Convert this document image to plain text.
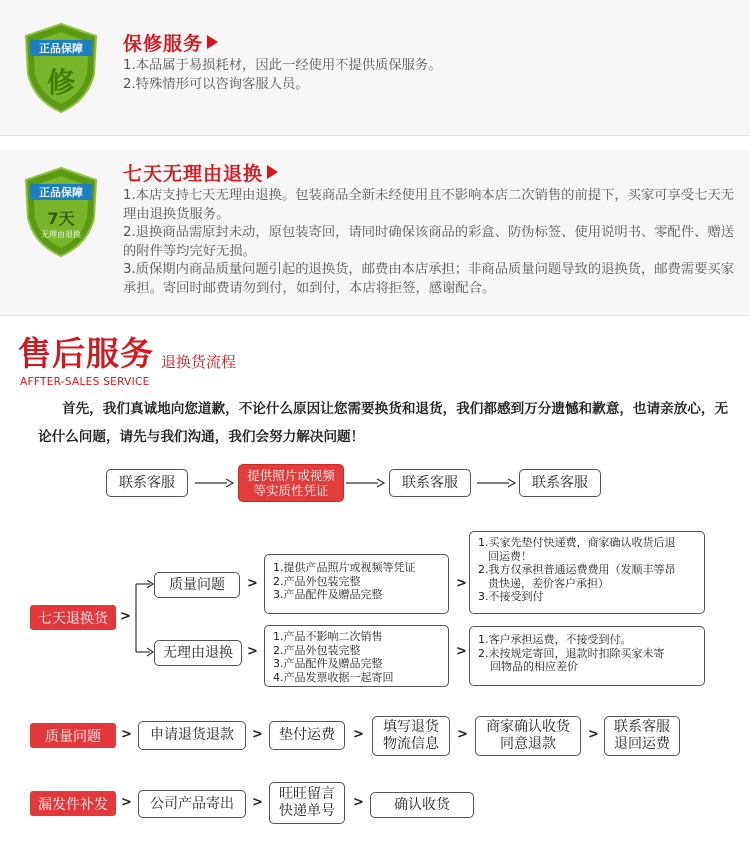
正品保障
修
保修服务

1.本品属于易损耗材，因此一经使用不提供质保服务。

2.特殊情形可以咨询客服人员。

正品保障
7天
无理由退换
七天无理由退换

1.本店支持七天无理由退换。包装商品全新未经使用且不影响本店二次销售的前提下，买家可享受七天无理由退换货服务。

2.退换商品需原封未动，原包装寄回，请同时确保该商品的彩盒、防伪标签、使用说明书、零配件、赠送的附件等均完好无损。

3.质保期内商品质量问题引起的退换货，邮费由本店承担；非商品质量问题导致的退换货，邮费需要买家承担。寄回时邮费请勿到付，如到付，本店将拒签，感谢配合。

售后服务 退换货流程
AFFTER-SALES SERVICE
首先，我们真诚地向您道歉，不论什么原因让您需要换货和退货，我们都感到万分遗憾和歉意，也请亲放心，无论什么问题，请先与我们沟通，我们会努力解决问题！
联系客服	提供照片或视频
等实质性凭证	联系客服	联系客服
七天退换货 >
质量问题	>
1.提供产品照片或视频等凭证
2.产品外包装完整
3.产品配件及赠品完整
>
1.买家先垫付快递费，商家确认收货后退
回运费！
2.我方仅承担普通运费费用（发顺丰等昂
贵快递，差价客户承担）
3.不接受到付
无理由退换	>
1.产品不影响二次销售
2.产品外包装完整
3.产品配件及赠品完整
4.产品发票收据一起寄回
>
1.客户承担运费，不接受到付。
2.未按规定寄回，退款时扣除买家未寄
回物品的相应差价
质量问题	>	申请退货退款	>	垫付运费	> 填写退货
物流信息
> 商家确认收货
同意退款
> 联系客服
退回运费
漏发件补发	>	公司产品寄出	>
旺旺留言
快递单号
>	确认收货
